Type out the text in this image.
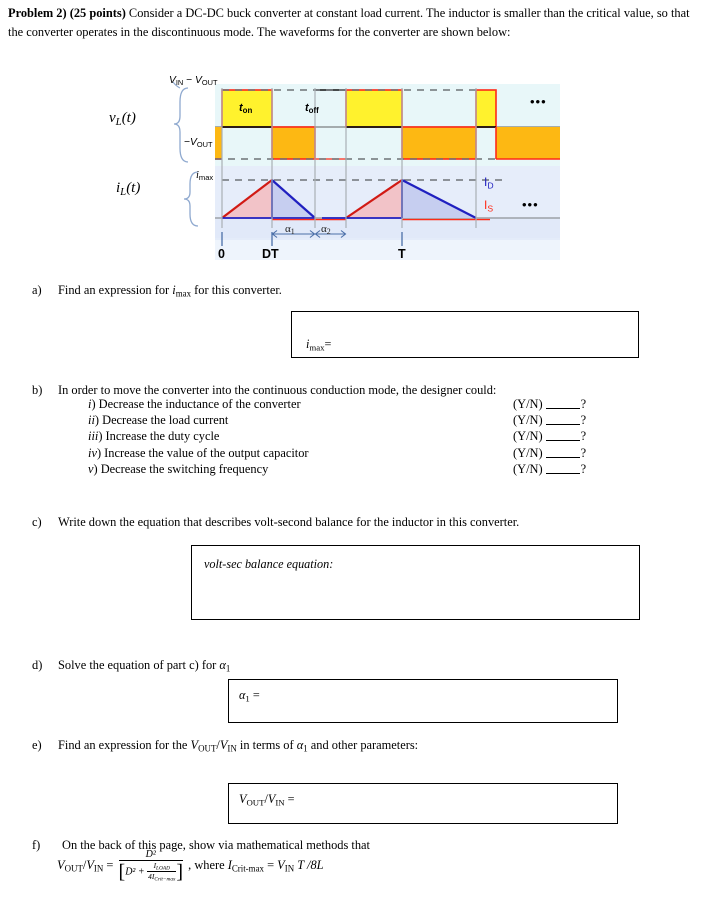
Problem 2) (25 points) Consider a DC-DC buck converter at constant load current. The inductor is smaller than the critical value, so that the converter operates in the discontinuous mode. The waveforms for the converter are shown below:
$V_{IN} - V_{OUT}$
$-V_{OUT}$
$v_L(t)$
$i_L(t)$
$i_{max}$
$t_{on}$	$t_{off}$
$\alpha_1$ $\alpha_2$
0	DT	T
$I_D$
$I_S$
•••
•••
a) Find an expression for $i_{max}$ for this converter.
$i_{max}=$
b) In order to move the converter into the continuous conduction mode, the designer could:
i) Decrease the inductance of the converter	(Y/N)	?
ii) Decrease the load current	(Y/N)	?
iii) Increase the duty cycle	(Y/N)	?
iv) Increase the value of the output capacitor	(Y/N)	?
v) Decrease the switching frequency	(Y/N)	?
c) Write down the equation that describes volt-second balance for the inductor in this converter.
volt-sec balance equation:
d) Solve the equation of part c) for $\alpha_1$
$\alpha_1$ =
e) Find an expression for the $V_{OUT}/V_{IN}$ in terms of $\alpha_1$ and other parameters:
$V_{OUT}/V_{IN}$ =
f) On the back of this page, show via mathematical methods that
$V_{OUT}/V_{IN} = D^2$
[D² +
$I_{LOAD}$
$4I_{Crit-max}$ ] , where $I_{Crit-max} = V_{IN}$ T /8L
